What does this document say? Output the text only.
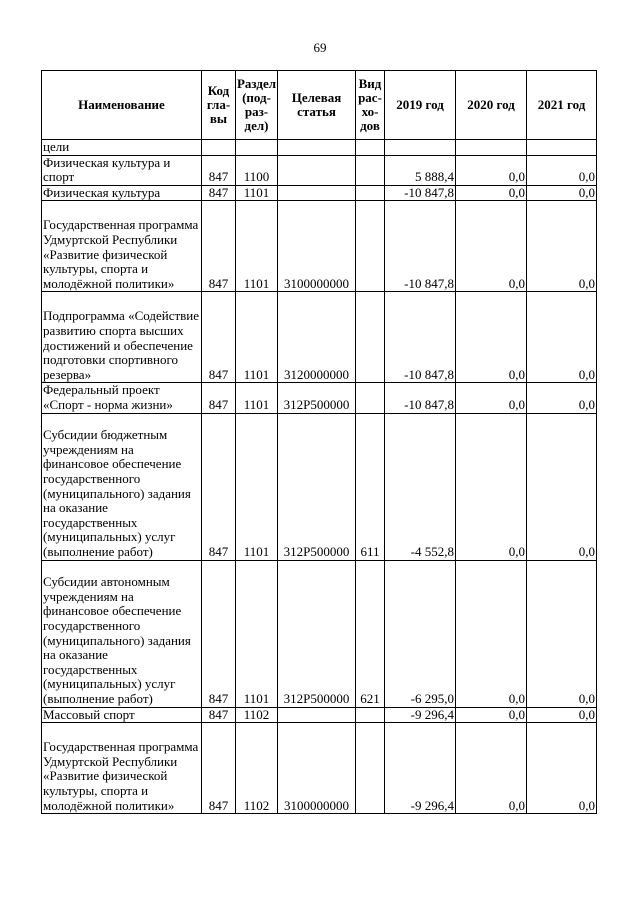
69
Наименование	Код гла- вы	Раздел (под- раз- дел)	Целевая статья	Вид рас- хо- дов	2019 год	2020 год	2021 год
цели							
Физическая культура и спорт	847	1100			5 888,4	0,0	0,0
Физическая культура	847	1101			-10 847,8	0,0	0,0
Государственная программа Удмуртской Республики «Развитие физической культуры, спорта и молодёжной политики»	847	1101	3100000000		-10 847,8	0,0	0,0
Подпрограмма «Содействие развитию спорта высших достижений и обеспечение подготовки спортивного резерва»	847	1101	3120000000		-10 847,8	0,0	0,0
Федеральный проект «Спорт - норма жизни»	847	1101	312P500000		-10 847,8	0,0	0,0
Субсидии бюджетным учреждениям на финансовое обеспечение государственного (муниципального) задания на оказание государственных (муниципальных) услуг (выполнение работ)	847	1101	312P500000	611	-4 552,8	0,0	0,0
Субсидии автономным учреждениям на финансовое обеспечение государственного (муниципального) задания на оказание государственных (муниципальных) услуг (выполнение работ)	847	1101	312P500000	621	-6 295,0	0,0	0,0
Массовый спорт	847	1102			-9 296,4	0,0	0,0
Государственная программа Удмуртской Республики «Развитие физической культуры, спорта и молодёжной политики»	847	1102	3100000000		-9 296,4	0,0	0,0
